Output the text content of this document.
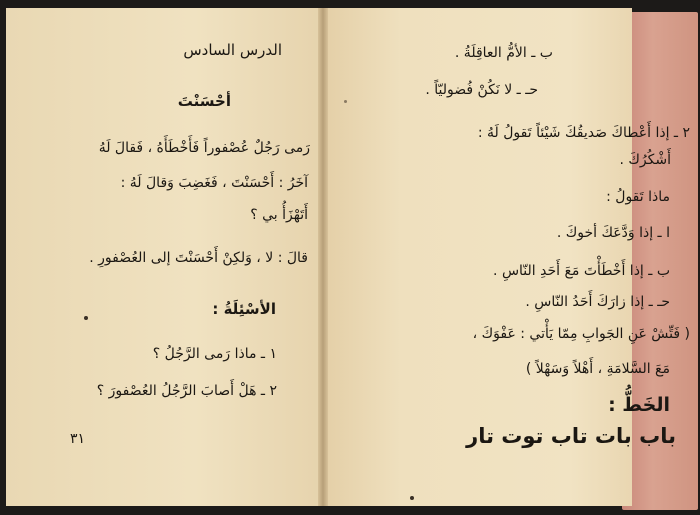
الدرس السادس
أحْسَنْتَ
رَمى رَجُلٌ عُصْفوراً فَأَخْطَأَهُ ، فَقالَ لَهُ
آخَرُ : أَحْسَنْتَ ، فَغَضِبَ وَقالَ لَهُ :
أَتَهْزَأُ بي ؟
قالَ : لا ، وَلكِنْ أَحْسَنْتَ إلى العُصْفورِ .
الأسْئِلَةُ :
١ ـ ماذا رَمى الرَّجُلُ ؟
٢ ـ هَلْ أَصابَ الرَّجُلُ العُصْفورَ ؟
٣١
ب ـ الأمُّ العاقِلَةُ .
حـ ـ لا نَكُنْ فُضوليّاً .
٢ ـ إذا أَعْطاكَ صَديقُكَ شَيْئاً تَقولُ لَهُ :
أَشْكُرُكَ .
ماذا تَقولُ :
ا ـ إذا وَدَّعَكَ أخوكَ .
ب ـ إذا أَخْطَأْتَ مَعَ أَحَدِ النّاسِ .
حـ ـ إذا زارَكَ أَحَدُ النّاسِ .
( فَتِّشْ عَنِ الجَوابِ مِمّا يَأْتي : عَفْوَكَ ،
مَعَ السَّلامَةِ ، أَهْلاً وَسَهْلاً )
الخَطُّ :
باب بات تاب توت تار
